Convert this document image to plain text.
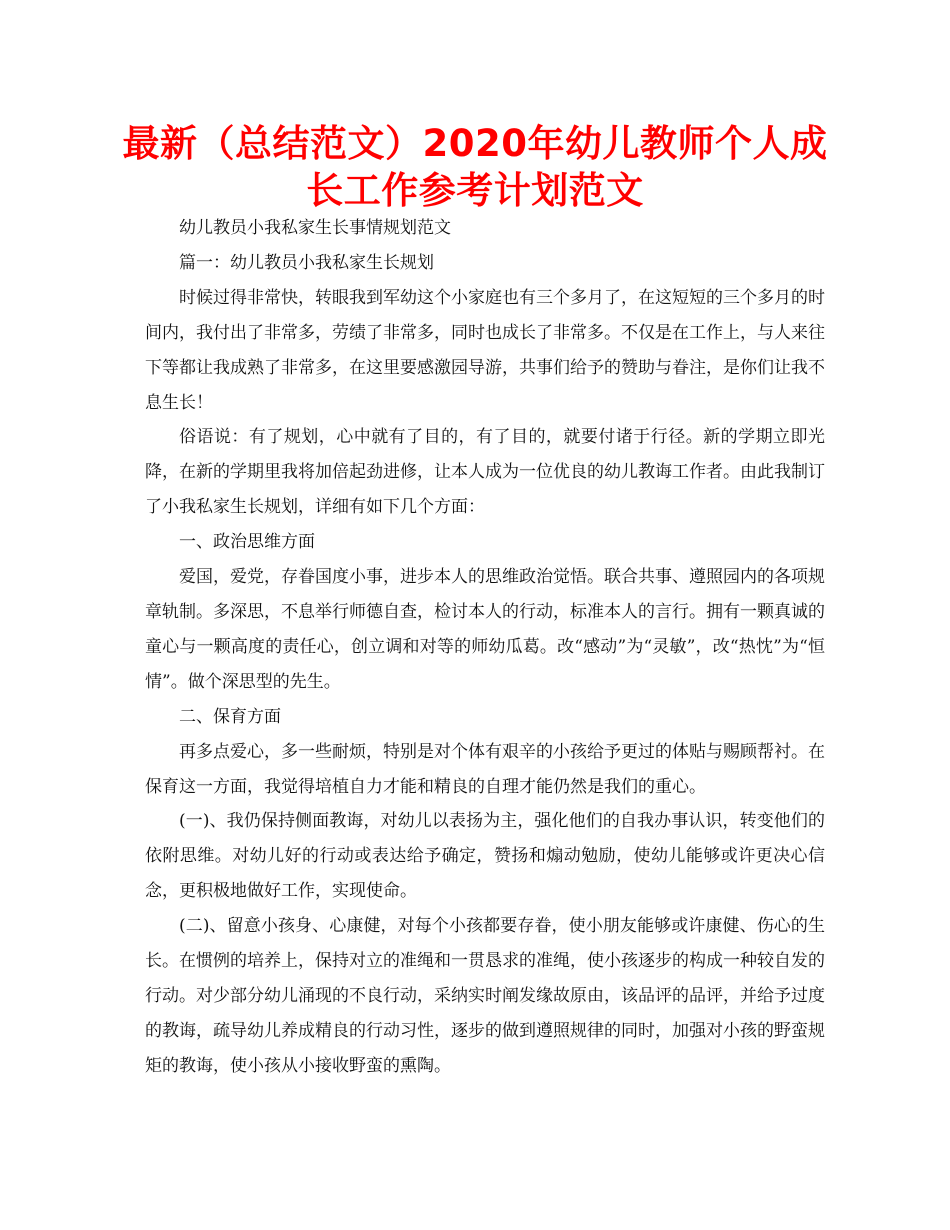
最新（总结范文）2020年幼儿教师个人成长工作参考计划范文

幼儿教员小我私家生长事情规划范文

篇一：幼儿教员小我私家生长规划

时候过得非常快，转眼我到军幼这个小家庭也有三个多月了，在这短短的三个多月的时间内，我付出了非常多，劳绩了非常多，同时也成长了非常多。不仅是在工作上，与人来往下等都让我成熟了非常多，在这里要感激园导游，共事们给予的赞助与眷注，是你们让我不息生长！

俗语说：有了规划，心中就有了目的，有了目的，就要付诸于行径。新的学期立即光降，在新的学期里我将加倍起劲进修，让本人成为一位优良的幼儿教诲工作者。由此我制订了小我私家生长规划，详细有如下几个方面：

一、政治思维方面

爱国，爱党，存眷国度小事，进步本人的思维政治觉悟。联合共事、遵照园内的各项规章轨制。多深思，不息举行师德自查，检讨本人的行动，标准本人的言行。拥有一颗真诚的童心与一颗高度的责任心，创立调和对等的师幼瓜葛。改“感动”为“灵敏”，改“热忱”为“恒情”。做个深思型的先生。

二、保育方面

再多点爱心，多一些耐烦，特别是对个体有艰辛的小孩给予更过的体贴与赐顾帮衬。在保育这一方面，我觉得培植自力才能和精良的自理才能仍然是我们的重心。

(一)、我仍保持侧面教诲，对幼儿以表扬为主，强化他们的自我办事认识，转变他们的依附思维。对幼儿好的行动或表达给予确定，赞扬和煽动勉励，使幼儿能够或许更决心信念，更积极地做好工作，实现使命。

(二)、留意小孩身、心康健，对每个小孩都要存眷，使小朋友能够或许康健、伤心的生长。在惯例的培养上，保持对立的准绳和一贯恳求的准绳，使小孩逐步的构成一种较自发的行动。对少部分幼儿涌现的不良行动，采纳实时阐发缘故原由，该品评的品评，并给予过度的教诲，疏导幼儿养成精良的行动习性，逐步的做到遵照规律的同时，加强对小孩的野蛮规矩的教诲，使小孩从小接收野蛮的熏陶。
